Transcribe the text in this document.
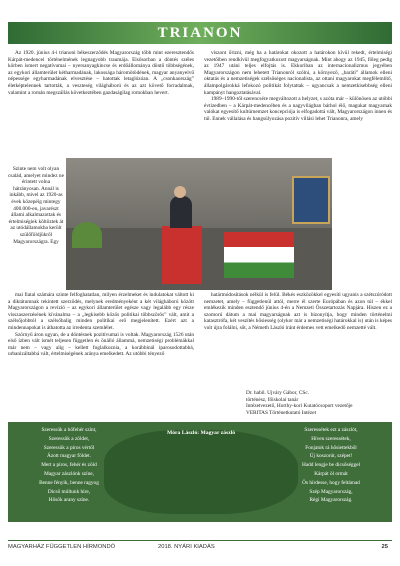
TRIANON

Az 1920. június 4-i trianoni békeszerződés Magyarország több mint ezeresztendős Kárpát-medencei történelmének legnagyobb traumája. Elsősorban a döntés széles körben ismert negatívumai – nyersanyagkincse és erdőállománya döntő többségének, az egykori államterület kétharmadának, lakossága háromötödének, magyar anyanyelvű népessége egyharmadának elvesztése – hatottak letaglózóan. A „csonkaország” életképtelennek tartották, a veszteség világháború és az azt követő forradalmak, valamint a román megszállás következtében gazdaságilag romokban hevert.

viszont őrizni, még ha a határokat okozott a határokon kívül rekedt, értelmiségi vezetőiben rendkívül megfogyatkozott magyarságnak. Mint ahogy az 1945, főleg pedig az 1947 utáni teljes elfojtás is. Ekkoriban az internacionalizmus jegyében Magyarországon nem lehetett Trianonról szólni, a környező, „baráti” államok elleni oktatás és a nemzetiségek szélsőséges nacionalista, az ottani magyarokat megfélemlítő, állampolgárokká lefokozó politikát folytattak – ugyancsak a nemzetkisebbség elleni kampányt hangoztatásával.

1989–1990-től szerencsére megváltozott a helyzet, s azóta már – különösen az utóbbi évtizedben – a Kárpát-medencében és a nagyvilágban bárhol élő, magukat magyarnak valókat egyesítő kultúrnemzet koncepciója is elfogadottá vált, Magyarországon innen és túl. Ennek vállalása és hangsúlyozása pozitív villási lehet Trianonra, amely

Szinte nem volt olyan család, amelyet mindez ne érintett volna hátrányosan. Annál is inkább, mivel az 1920-as évek közepéig mintegy 400.000-en, javarészt állami alkalmazottak és értelmiségiek költöztek át az utódállamokba került szülőföldjükről Magyarországra. Egy

mai fiatal számára szinte felfoghatatlan, milyen érzelmeket és indulatokat váltott ki a diktátumnak tekintett szerződés, melynek eredményeként a két világháború között Magyarországon a revízió – az egykori államterület egésze vagy legalább egy része visszaszerzésének kívánalma – a „legkisebb közös politikai többszörös” vált, amit a szélsőjobbtól a szélsőbalig minden politikai erő megjelenített. Ezért azt a mindennapokat is áthatotta az irredenta szemlélet.

Szörnyű áron ugyan, de a döntésnek pozitívumai is voltak. Magyarország 1526 után első ízben vált ismét teljesen független és önálló állammá, nemzetiségi problémákkal már nem – vagy alig – kellett foglalkoznia, a korábbinál iparosodottabbá, urbanizáltabbá vált, értelmiségének aránya emelkedett. Az utóbbi tényező

határmódosítások nélkül is felül. Békés eszközökkel egyesíti ugyanis a szétszóródott nemzetet, amely – függetlenül attól, merre él szerte Európában és azon túl – ékkel emlékezik minden esztendő június 4-én a Nemzeti Összetartozás Napjára. Hiszen ez a szomorú dátum a mai magyarságnak azt is bizonyítja, hogy minden történelmi katasztrófa, két veszítés hősiesség (olykor már a nemzetiségi határokkal is) után is képes volt újra folálni, sőt, a Németh László iránt érdemes vett emelkedő nemzetté vált.

Dr. habil. Ujváry Gábor, CSc.
történész, főiskolai tanár
Intézetvezető, Horthy-kori Kutatócsoport vezetője
VERITAS Történetkutató Intézet
Móra László: Magyar zászló
Szeressük a hőfehér színt,
Szeressük a zöldet,
Szeressük a piros vértől
Ázott magyar földet.
Mert a piros, fehér és zöld
Magyar zászlónk színe,
Benne fényik, benne ragyog
Dicső múltunk híre,
Hősök arany színe.
Szeressétek ezt a zászlót,
Híven szeressétek,
Fonjatok rá hősiettekből
Új koszorút, szépet!
Hadd lengje be dicsőséggel
Kárpát öl ormát
Ös hírdesse, hogy feltámad
Szép Magyarország,
Régi Magyarország.
MAGYARHÁZ FÜGGETLEN HÍRMONDÓ	2018. NYÁRI KIADÁS	25
